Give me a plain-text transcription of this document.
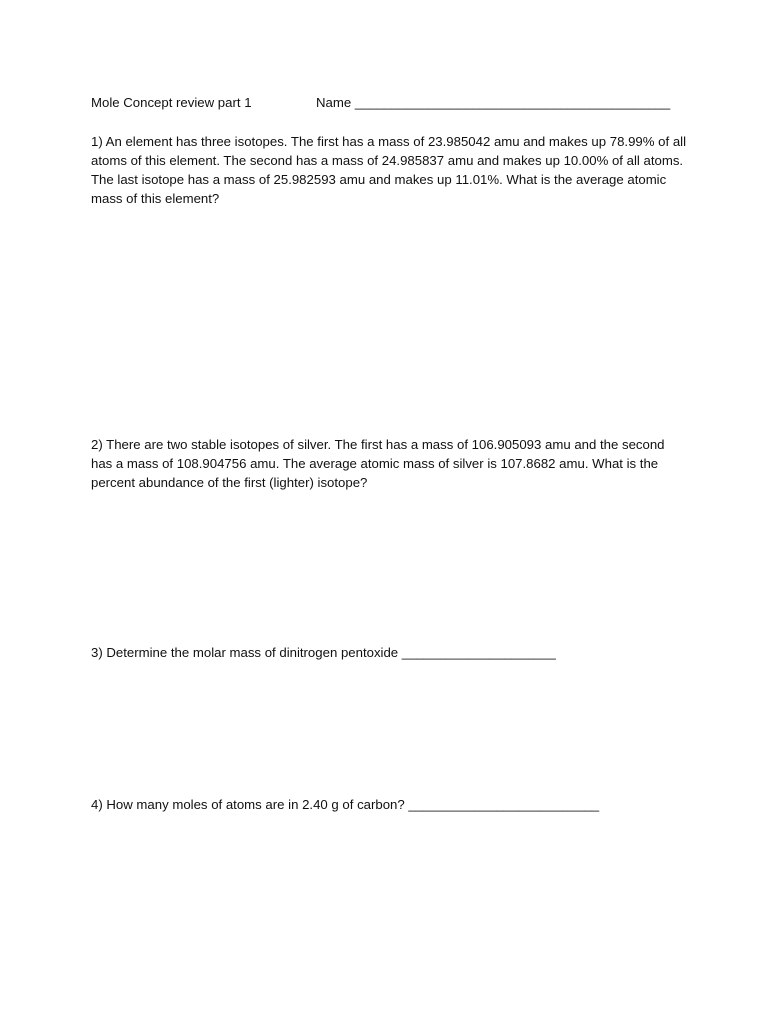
Mole Concept review part 1	Name ___________________________________________

1) An element has three isotopes. The first has a mass of 23.985042 amu and makes up 78.99% of all atoms of this element. The second has a mass of 24.985837 amu and makes up 10.00% of all atoms. The last isotope has a mass of 25.982593 amu and makes up 11.01%. What is the average atomic mass of this element?

2) There are two stable isotopes of silver. The first has a mass of 106.905093 amu and the second has a mass of 108.904756 amu. The average atomic mass of silver is 107.8682 amu. What is the percent abundance of the first (lighter) isotope?

3) Determine the molar mass of dinitrogen pentoxide _____________________

4) How many moles of atoms are in 2.40 g of carbon? __________________________
